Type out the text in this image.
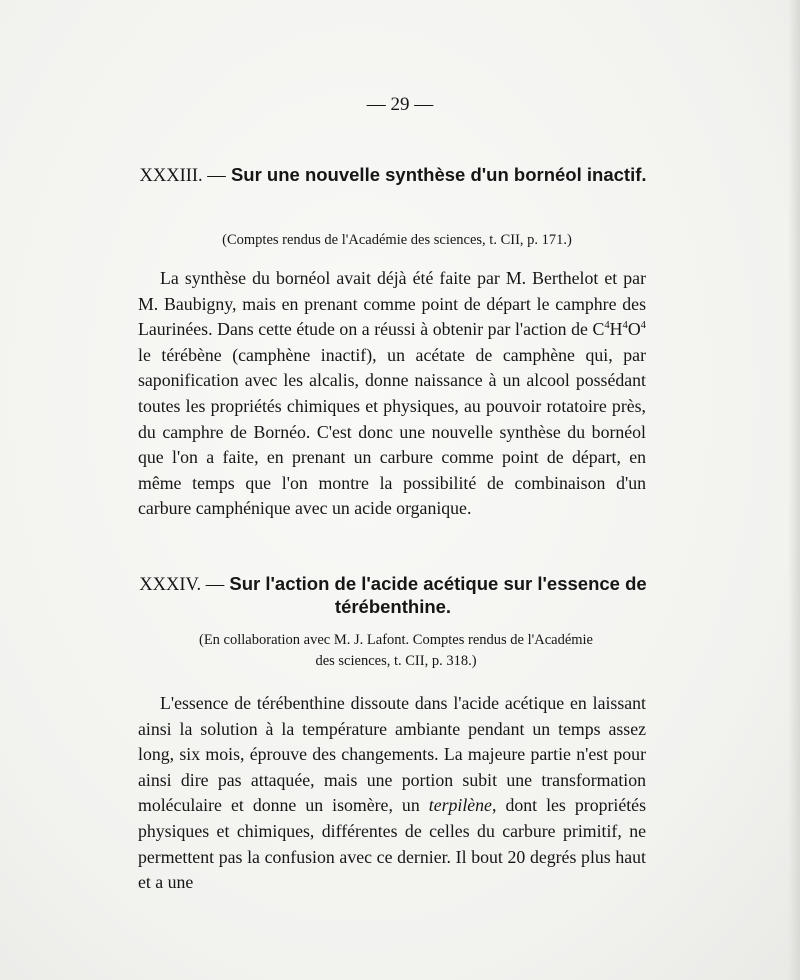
— 29 —
XXXIII. — Sur une nouvelle synthèse d'un bornéol inactif.
(Comptes rendus de l'Académie des sciences, t. CII, p. 171.)
La synthèse du bornéol avait déjà été faite par M. Berthelot et par M. Baubigny, mais en prenant comme point de départ le camphre des Laurinées. Dans cette étude on a réussi à obtenir par l'action de $C^4H^4O^4$ le térébène (camphène inactif), un acétate de camphène qui, par saponification avec les alcalis, donne naissance à un alcool possédant toutes les propriétés chimiques et physiques, au pouvoir rotatoire près, du camphre de Bornéo. C'est donc une nouvelle synthèse du bornéol que l'on a faite, en prenant un carbure comme point de départ, en même temps que l'on montre la possibilité de combinaison d'un carbure camphénique avec un acide organique.
XXXIV. — Sur l'action de l'acide acétique sur l'essence de térébenthine.
(En collaboration avec M. J. Lafont. Comptes rendus de l'Académie des sciences, t. CII, p. 318.)
L'essence de térébenthine dissoute dans l'acide acétique en laissant ainsi la solution à la température ambiante pendant un temps assez long, six mois, éprouve des changements. La majeure partie n'est pour ainsi dire pas attaquée, mais une portion subit une transformation moléculaire et donne un isomère, un terpilène, dont les propriétés physiques et chimiques, différentes de celles du carbure primitif, ne permettent pas la confusion avec ce dernier. Il bout 20 degrés plus haut et a une
